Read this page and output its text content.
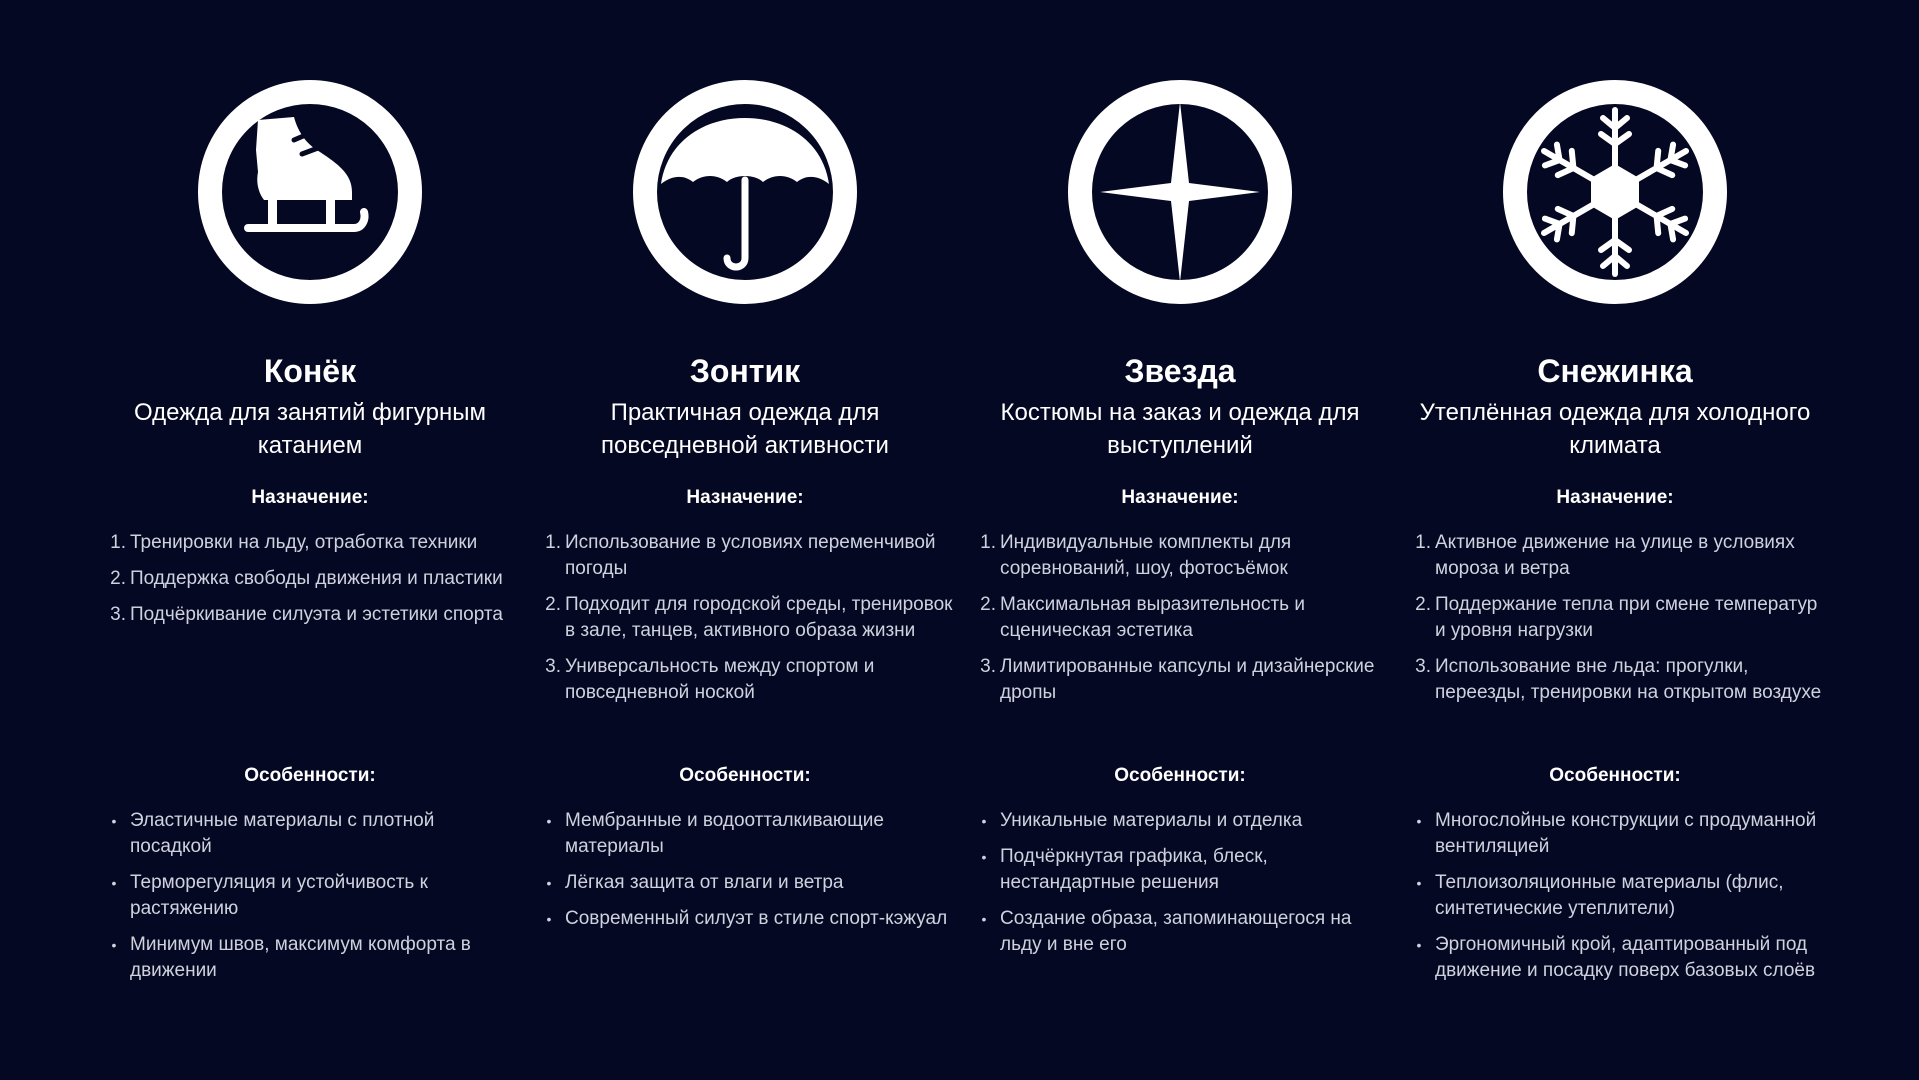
Конёк
Одежда для занятий фигурным катанием
Назначение:
1. Тренировки на льду, отработка техники
2. Поддержка свободы движения и пластики
3. Подчёркивание силуэта и эстетики спорта
Особенности:
• Эластичные материалы с плотной посадкой
• Терморегуляция и устойчивость к растяжению
• Минимум швов, максимум комфорта в движении
Зонтик
Практичная одежда для повседневной активности
Назначение:
1. Использование в условиях переменчивой погоды
2. Подходит для городской среды, тренировок в зале, танцев, активного образа жизни
3. Универсальность между спортом и повседневной ноской
Особенности:
• Мембранные и водоотталкивающие материалы
• Лёгкая защита от влаги и ветра
• Современный силуэт в стиле спорт-кэжуал
Звезда
Костюмы на заказ и одежда для выступлений
Назначение:
1. Индивидуальные комплекты для соревнований, шоу, фотосъёмок
2. Максимальная выразительность и сценическая эстетика
3. Лимитированные капсулы и дизайнерские дропы
Особенности:
• Уникальные материалы и отделка
• Подчёркнутая графика, блеск, нестандартные решения
• Создание образа, запоминающегося на льду и вне его
Снежинка
Утеплённая одежда для холодного климата
Назначение:
1. Активное движение на улице в условиях мороза и ветра
2. Поддержание тепла при смене температур и уровня нагрузки
3. Использование вне льда: прогулки, переезды, тренировки на открытом воздухе
Особенности:
• Многослойные конструкции с продуманной вентиляцией
• Теплоизоляционные материалы (флис, синтетические утеплители)
• Эргономичный крой, адаптированный под движение и посадку поверх базовых слоёв
